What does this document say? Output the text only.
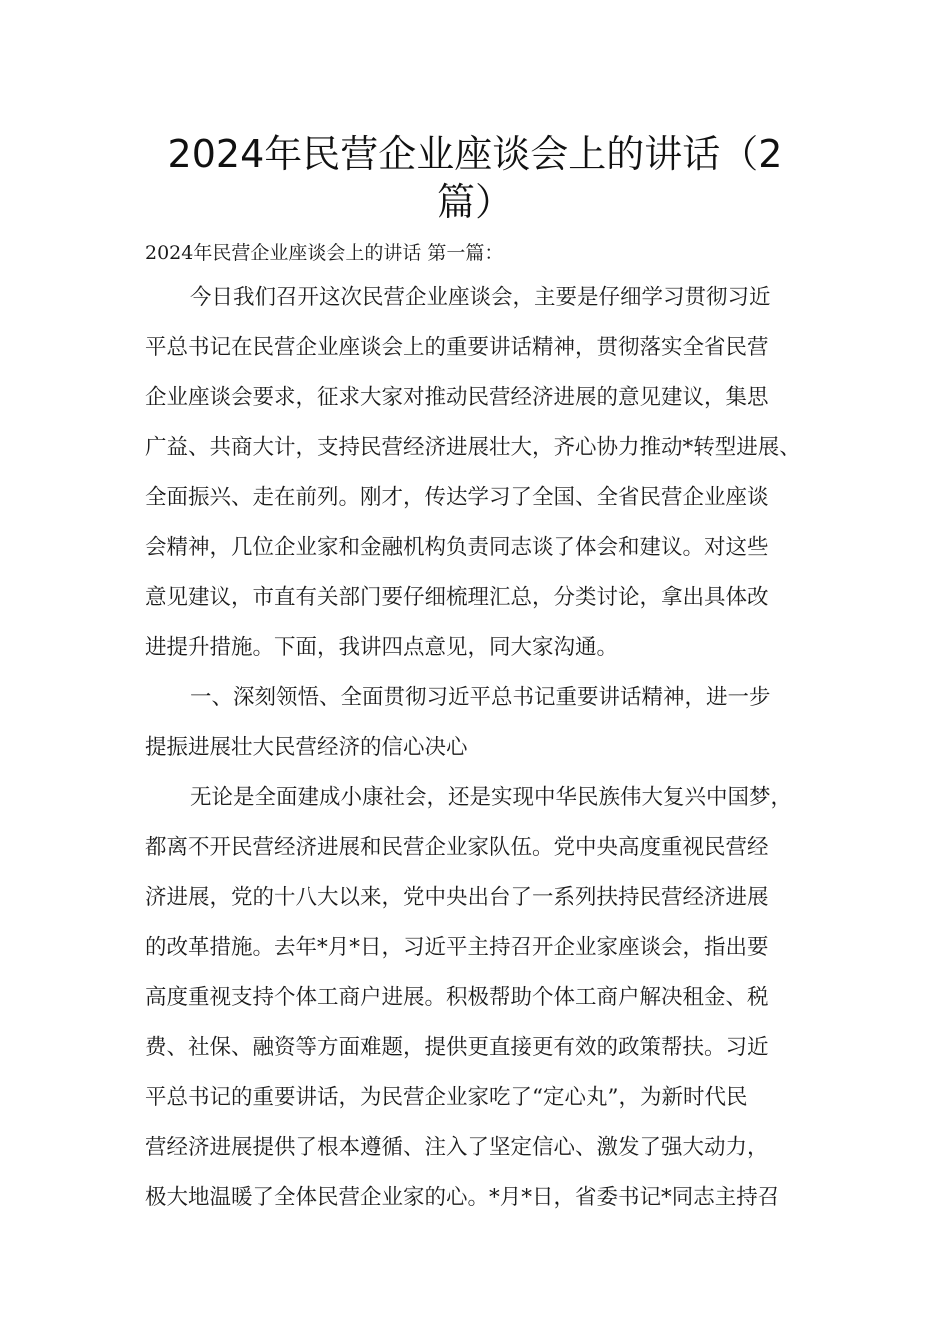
2024年民营企业座谈会上的讲话（2
篇）
2024年民营企业座谈会上的讲话 第一篇：
今日我们召开这次民营企业座谈会，主要是仔细学习贯彻习近
平总书记在民营企业座谈会上的重要讲话精神，贯彻落实全省民营
企业座谈会要求，征求大家对推动民营经济进展的意见建议，集思
广益、共商大计，支持民营经济进展壮大，齐心协力推动*转型进展、
全面振兴、走在前列。刚才，传达学习了全国、全省民营企业座谈
会精神，几位企业家和金融机构负责同志谈了体会和建议。对这些
意见建议，市直有关部门要仔细梳理汇总，分类讨论，拿出具体改
进提升措施。下面，我讲四点意见，同大家沟通。
一、深刻领悟、全面贯彻习近平总书记重要讲话精神，进一步
提振进展壮大民营经济的信心决心
无论是全面建成小康社会，还是实现中华民族伟大复兴中国梦，
都离不开民营经济进展和民营企业家队伍。党中央高度重视民营经
济进展，党的十八大以来，党中央出台了一系列扶持民营经济进展
的改革措施。去年*月*日，习近平主持召开企业家座谈会，指出要
高度重视支持个体工商户进展。积极帮助个体工商户解决租金、税
费、社保、融资等方面难题，提供更直接更有效的政策帮扶。习近
平总书记的重要讲话，为民营企业家吃了“定心丸”，为新时代民
营经济进展提供了根本遵循、注入了坚定信心、激发了强大动力，
极大地温暖了全体民营企业家的心。*月*日，省委书记*同志主持召
